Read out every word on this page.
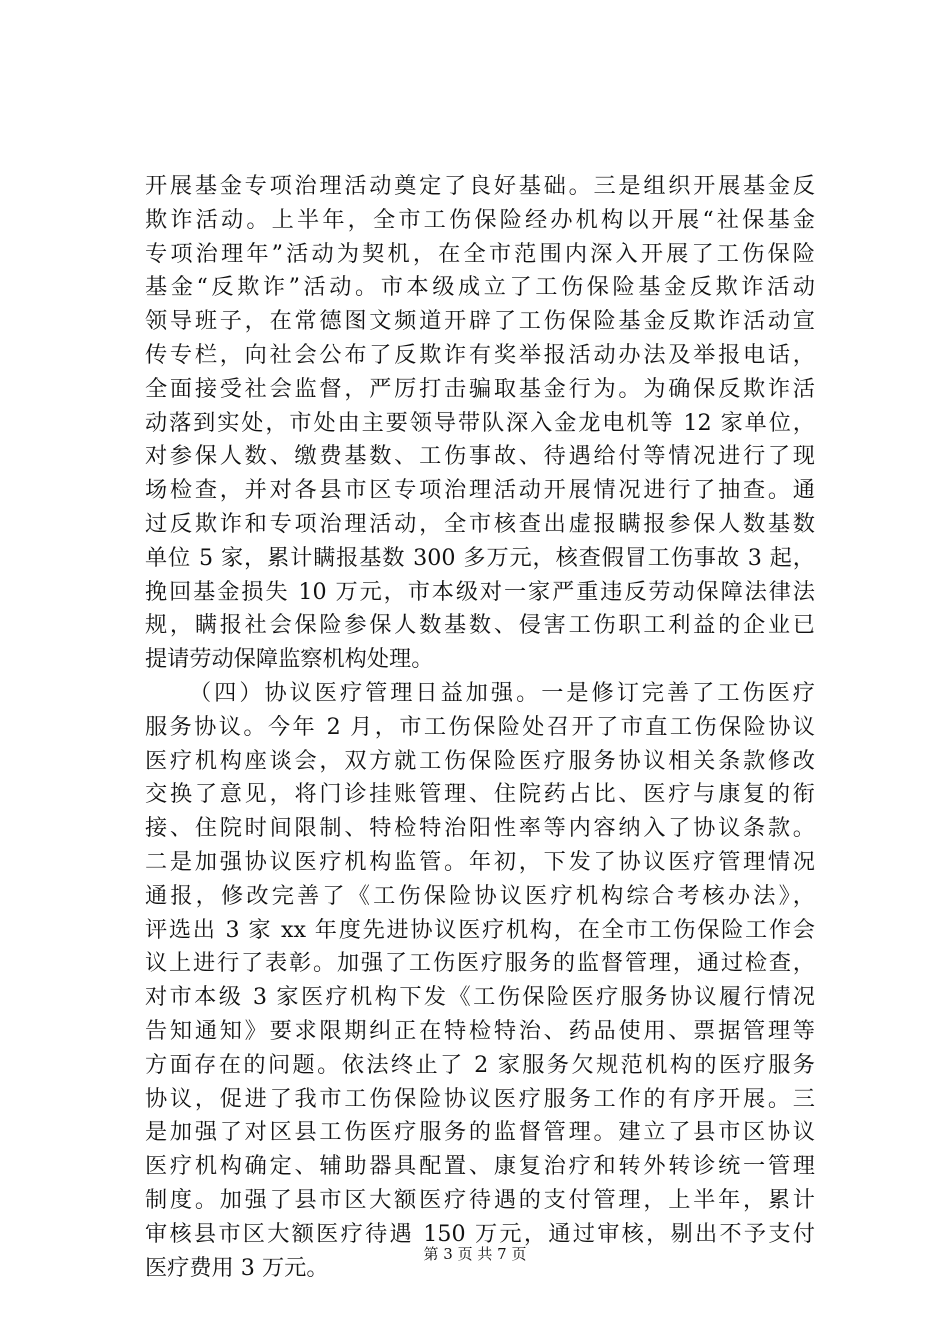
开展基金专项治理活动奠定了良好基础。三是组织开展基金反
欺诈活动。上半年，全市工伤保险经办机构以开展“社保基金
专项治理年”活动为契机，在全市范围内深入开展了工伤保险
基金“反欺诈”活动。市本级成立了工伤保险基金反欺诈活动
领导班子，在常德图文频道开辟了工伤保险基金反欺诈活动宣
传专栏，向社会公布了反欺诈有奖举报活动办法及举报电话，
全面接受社会监督，严厉打击骗取基金行为。为确保反欺诈活
动落到实处，市处由主要领导带队深入金龙电机等 12 家单位，
对参保人数、缴费基数、工伤事故、待遇给付等情况进行了现
场检查，并对各县市区专项治理活动开展情况进行了抽查。通
过反欺诈和专项治理活动，全市核查出虚报瞒报参保人数基数
单位 5 家，累计瞒报基数 300 多万元，核查假冒工伤事故 3 起，
挽回基金损失 10 万元，市本级对一家严重违反劳动保障法律法
规，瞒报社会保险参保人数基数、侵害工伤职工利益的企业已
提请劳动保障监察机构处理。
（四）协议医疗管理日益加强。一是修订完善了工伤医疗
服务协议。今年 2 月，市工伤保险处召开了市直工伤保险协议
医疗机构座谈会，双方就工伤保险医疗服务协议相关条款修改
交换了意见，将门诊挂账管理、住院药占比、医疗与康复的衔
接、住院时间限制、特检特治阳性率等内容纳入了协议条款。
二是加强协议医疗机构监管。年初，下发了协议医疗管理情况
通报，修改完善了《工伤保险协议医疗机构综合考核办法》，
评选出 3 家 xx 年度先进协议医疗机构，在全市工伤保险工作会
议上进行了表彰。加强了工伤医疗服务的监督管理，通过检查，
对市本级 3 家医疗机构下发《工伤保险医疗服务协议履行情况
告知通知》要求限期纠正在特检特治、药品使用、票据管理等
方面存在的问题。依法终止了 2 家服务欠规范机构的医疗服务
协议，促进了我市工伤保险协议医疗服务工作的有序开展。三
是加强了对区县工伤医疗服务的监督管理。建立了县市区协议
医疗机构确定、辅助器具配置、康复治疗和转外转诊统一管理
制度。加强了县市区大额医疗待遇的支付管理，上半年，累计
审核县市区大额医疗待遇 150 万元，通过审核，剔出不予支付
医疗费用 3 万元。
第 3 页 共 7 页
